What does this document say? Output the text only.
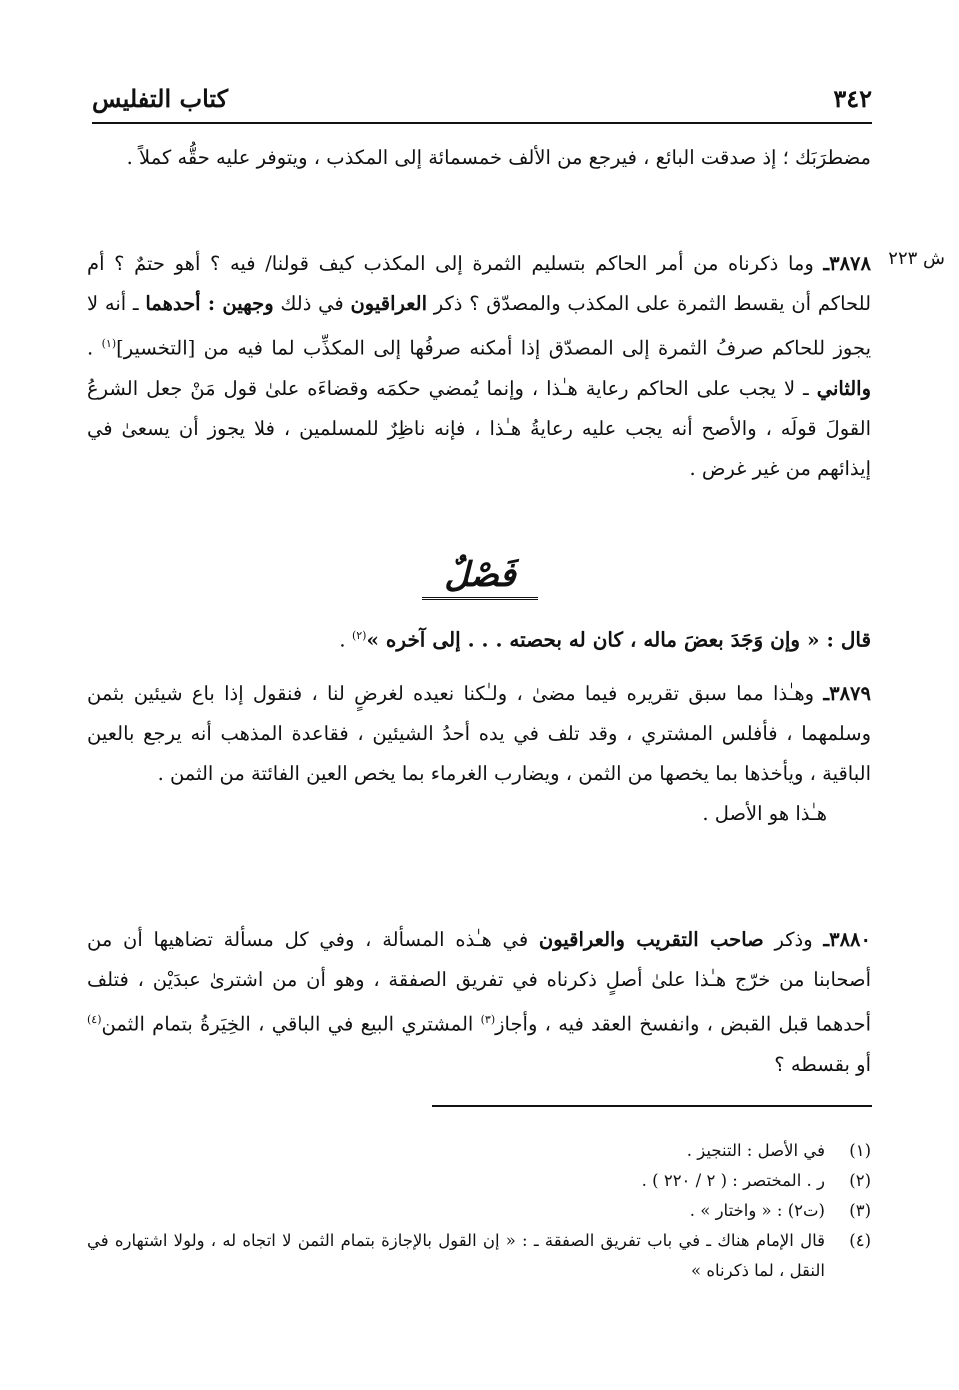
٣٤٢
كتاب التفليس
ش ٢٢٣
مضطرَبَك ؛ إذ صدقت البائع ، فيرجع من الألف خمسمائة إلى المكذب ، ويتوفر عليه حقُّه كملاً .
٣٨٧٨ـ وما ذكرناه من أمر الحاكم بتسليم الثمرة إلى المكذب كيف قولنا/ فيه ؟ أهو حتمٌ ؟ أم للحاكم أن يقسط الثمرة على المكذب والمصدّق ؟ ذكر العراقيون في ذلك وجهين : أحدهما ـ أنه لا يجوز للحاكم صرفُ الثمرة إلى المصدّق إذا أمكنه صرفُها إلى المكذِّب لما فيه من [التخسير]$^{(١)}$ . والثاني ـ لا يجب على الحاكم رعاية هـٰذا ، وإنما يُمضي حكمَه وقضاءَه علىٰ قول مَنْ جعل الشرعُ القولَ قولَه ، والأصح أنه يجب عليه رعايةُ هـٰذا ، فإنه ناظِرٌ للمسلمين ، فلا يجوز أن يسعىٰ في إيذائهم من غير غرض .
فَصْلٌ
قال : « وإن وَجَدَ بعضَ ماله ، كان له بحصته . . . إلى آخره »$^{(٢)}$ .
٣٨٧٩ـ وهـٰذا مما سبق تقريره فيما مضىٰ ، ولـٰكنا نعيده لغرضٍ لنا ، فنقول إذا باع شيئين بثمن وسلمهما ، فأفلس المشتري ، وقد تلف في يده أحدُ الشيئين ، فقاعدة المذهب أنه يرجع بالعين الباقية ، ويأخذها بما يخصها من الثمن ، ويضارب الغرماء بما يخص العين الفائتة من الثمن .
هـٰذا هو الأصل .
٣٨٨٠ـ وذكر صاحب التقريب والعراقيون في هـٰذه المسألة ، وفي كل مسألة تضاهيها أن من أصحابنا من خرّج هـٰذا علىٰ أصلٍ ذكرناه في تفريق الصفقة ، وهو أن من اشترىٰ عبدَيْن ، فتلف أحدهما قبل القبض ، وانفسخ العقد فيه ، وأجاز$^{(٣)}$ المشتري البيع في الباقي ، الخِيَرةُ بتمام الثمن$^{(٤)}$ أو بقسطه ؟
(١)
في الأصل : التنجيز .
(٢)
ر . المختصر : ( ٢ / ٢٢٠ ) .
(٣)
(ت٢) : « واختار » .
(٤)
قال الإمام هناك ـ في باب تفريق الصفقة ـ : « إن القول بالإجازة بتمام الثمن لا اتجاه له ، ولولا اشتهاره في النقل ، لما ذكرناه »
